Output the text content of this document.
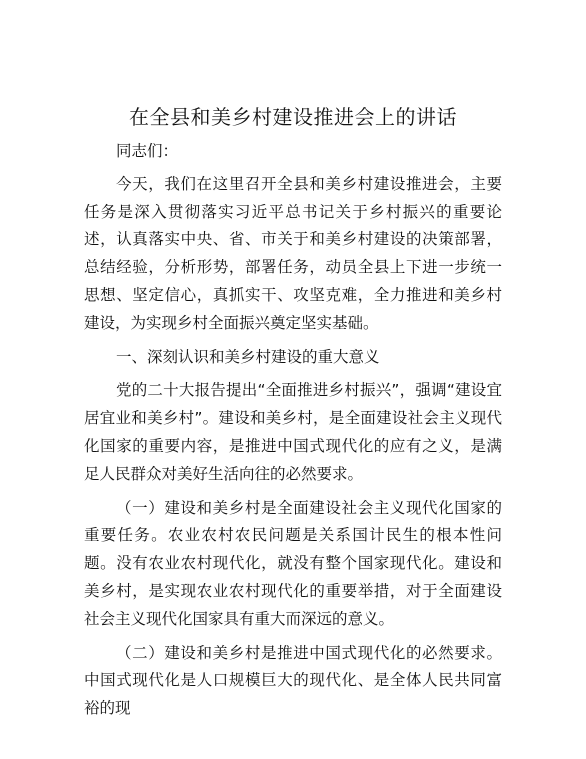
在全县和美乡村建设推进会上的讲话

同志们：

今天，我们在这里召开全县和美乡村建设推进会，主要任务是深入贯彻落实习近平总书记关于乡村振兴的重要论述，认真落实中央、省、市关于和美乡村建设的决策部署，总结经验，分析形势，部署任务，动员全县上下进一步统一思想、坚定信心，真抓实干、攻坚克难，全力推进和美乡村建设，为实现乡村全面振兴奠定坚实基础。

一、深刻认识和美乡村建设的重大意义

党的二十大报告提出“全面推进乡村振兴”，强调“建设宜居宜业和美乡村”。建设和美乡村，是全面建设社会主义现代化国家的重要内容，是推进中国式现代化的应有之义，是满足人民群众对美好生活向往的必然要求。

（一）建设和美乡村是全面建设社会主义现代化国家的重要任务。农业农村农民问题是关系国计民生的根本性问题。没有农业农村现代化，就没有整个国家现代化。建设和美乡村，是实现农业农村现代化的重要举措，对于全面建设社会主义现代化国家具有重大而深远的意义。

（二）建设和美乡村是推进中国式现代化的必然要求。中国式现代化是人口规模巨大的现代化、是全体人民共同富裕的现
